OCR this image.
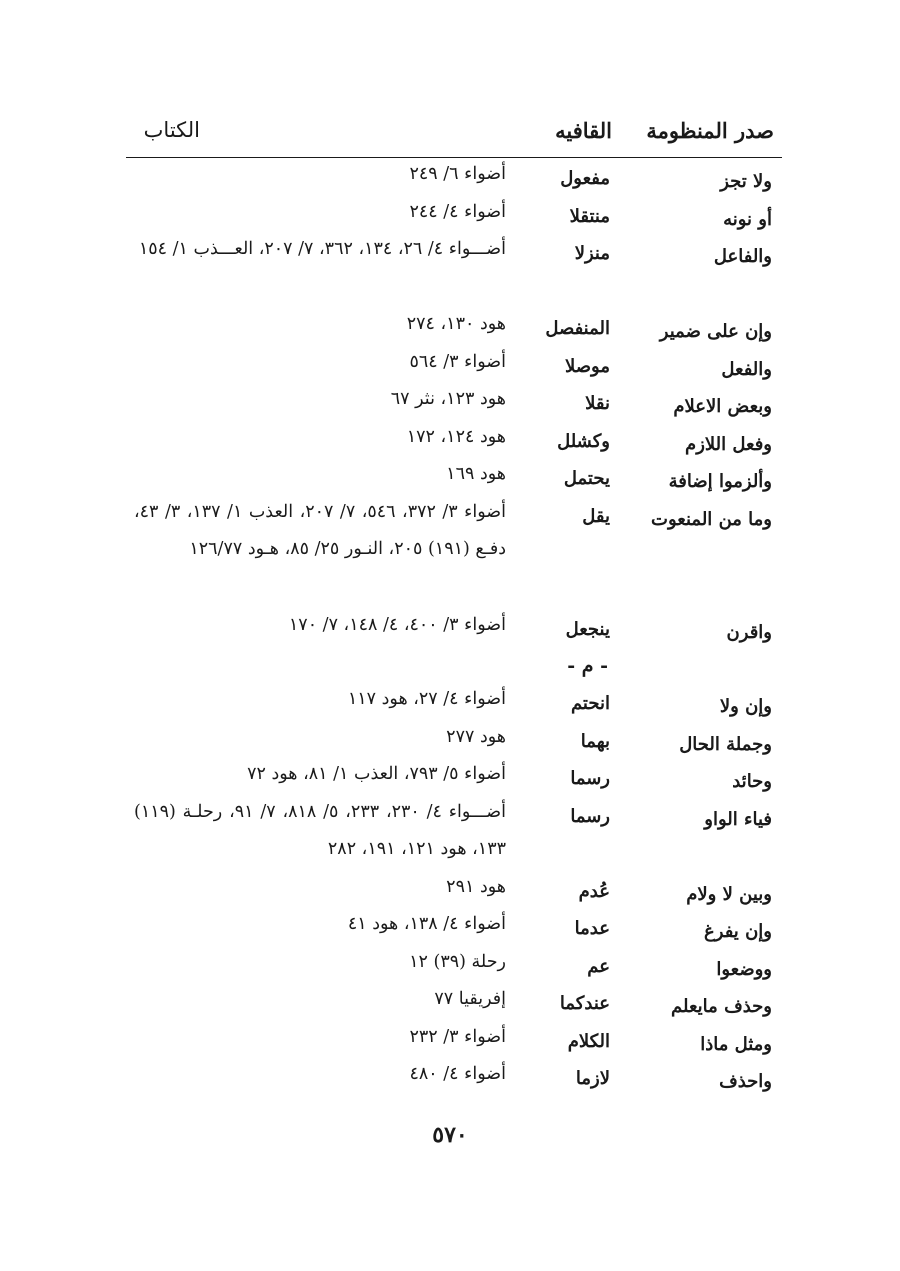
صدر المنظومة
القافيه
الكتاب
ولا تجز
مفعول
أضواء ٦/ ٢٤٩
أو نونه
منتقلا
أضواء ٤/ ٢٤٤
والفاعل
منزلا
أضـــواء ٤/ ٢٦، ١٣٤، ٣٦٢، ٧/ ٢٠٧، العـــذب ١/ ١٥٤
وإن على ضمير
المنفصل
هود ١٣٠، ٢٧٤
والفعل
موصلا
أضواء ٣/ ٥٦٤
وبعض الاعلام
نقلا
هود ١٢٣، نثر ٦٧
وفعل اللازم
وكشلل
هود ١٢٤، ١٧٢
وألزموا إضافة
يحتمل
هود ١٦٩
وما من المنعوت
يقل
أضواء ٣/ ٣٧٢، ٥٤٦، ٧/ ٢٠٧، العذب ١/ ١٣٧، ٣/ ٤٣، دفـع (١٩١) ٢٠٥، النـور ٢٥/ ٨٥، هـود ١٢٦/٧٧
واقرن
ينجعل
أضواء ٣/ ٤٠٠، ٤/ ١٤٨، ٧/ ١٧٠
- م -
وإن ولا
انحتم
أضواء ٤/ ٢٧، هود ١١٧
وجملة الحال
بهما
هود ٢٧٧
وحائد
رسما
أضواء ٥/ ٧٩٣، العذب ١/ ٨١، هود ٧٢
فياء الواو
رسما
أضـــواء ٤/ ٢٣٠، ٢٣٣، ٥/ ٨١٨، ٧/ ٩١، رحلـة (١١٩) ١٣٣، هود ١٢١، ١٩١، ٢٨٢
وبين لا ولام
عُدم
هود ٢٩١
وإن يفرغ
عدما
أضواء ٤/ ١٣٨، هود ٤١
ووضعوا
عم
رحلة (٣٩) ١٢
وحذف مايعلم
عندكما
إفريقيا ٧٧
ومثل ماذا
الكلام
أضواء ٣/ ٢٣٢
واحذف
لازما
أضواء ٤/ ٤٨٠
٥٧٠
